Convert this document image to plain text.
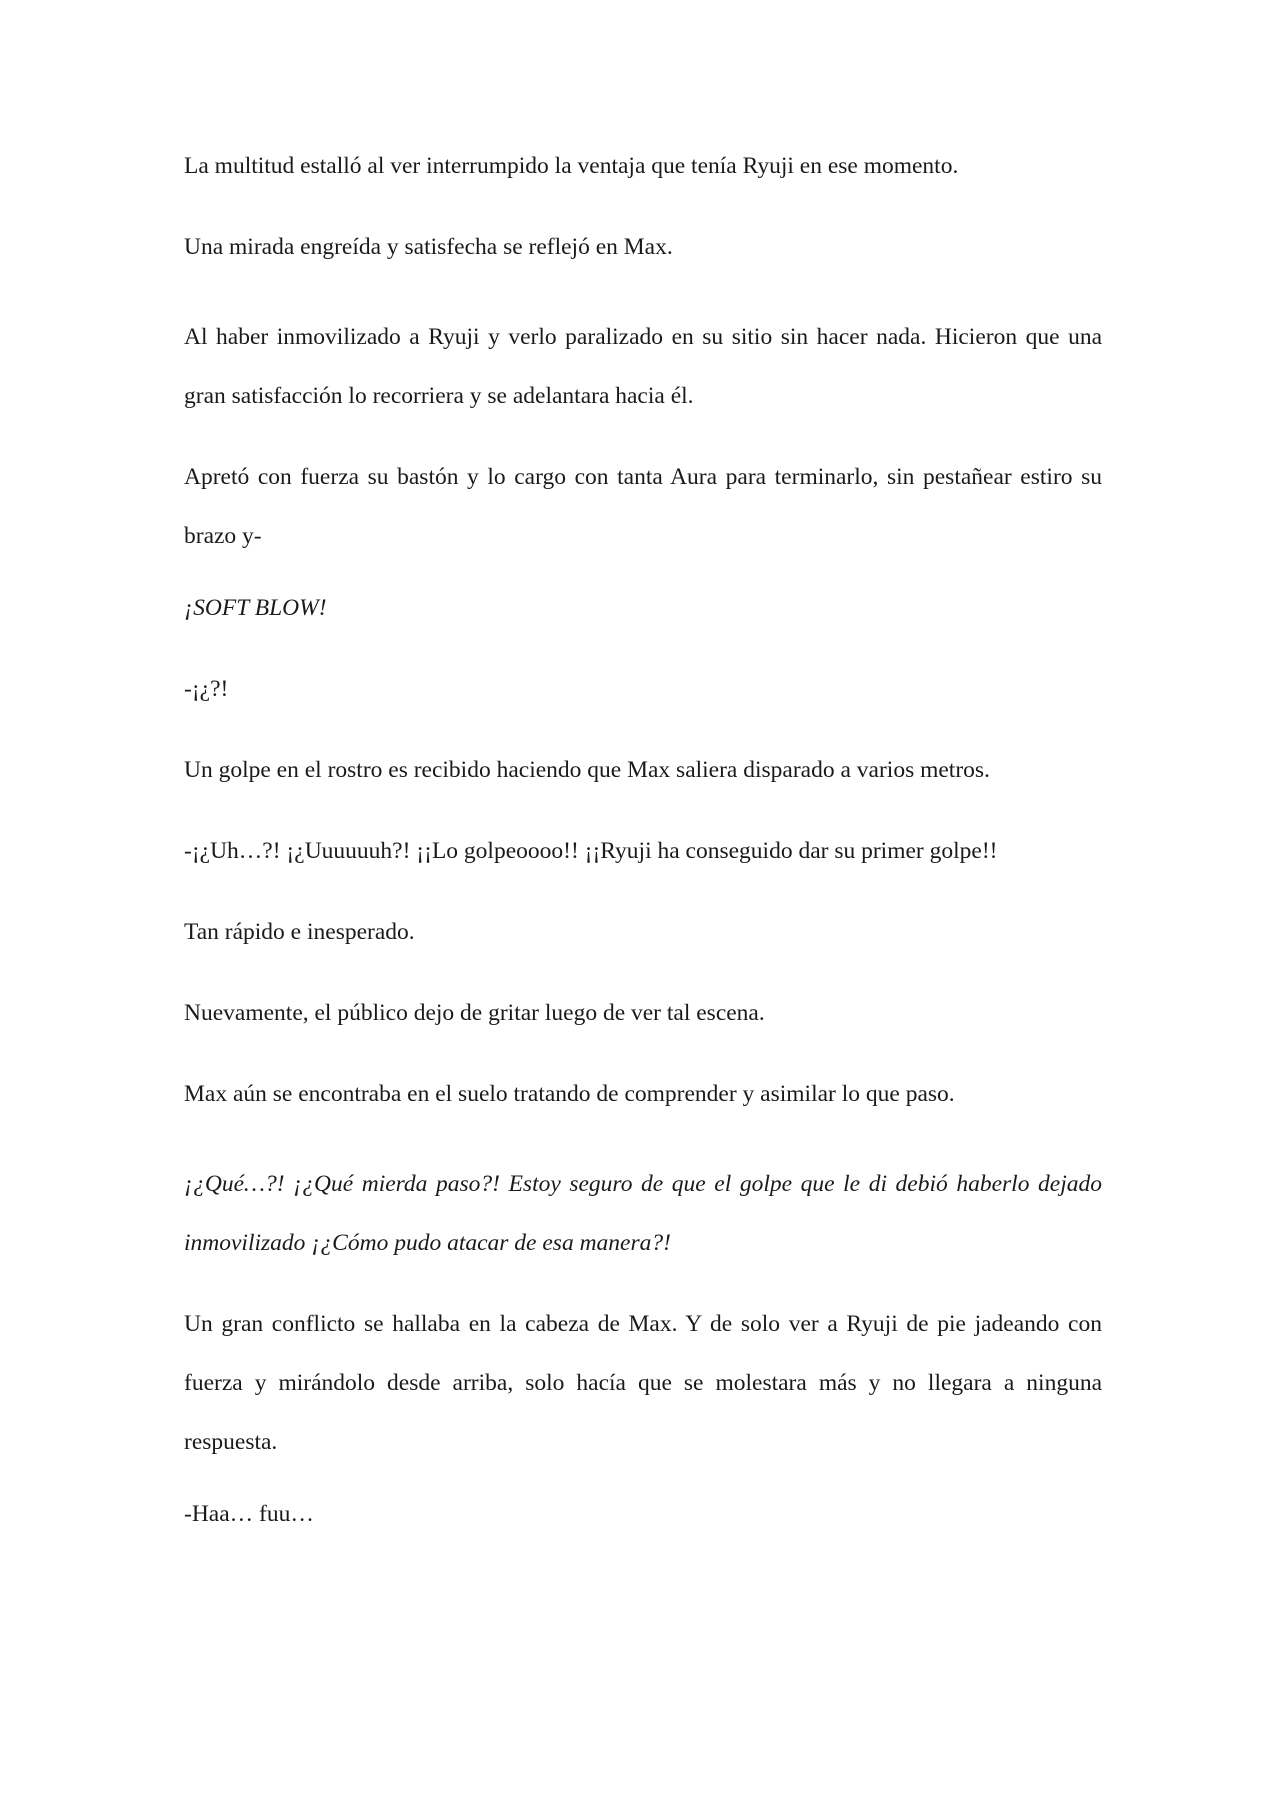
La multitud estalló al ver interrumpido la ventaja que tenía Ryuji en ese momento.

Una mirada engreída y satisfecha se reflejó en Max.

Al haber inmovilizado a Ryuji y verlo paralizado en su sitio sin hacer nada. Hicieron que una gran satisfacción lo recorriera y se adelantara hacia él.

Apretó con fuerza su bastón y lo cargo con tanta Aura para terminarlo, sin pestañear estiro su brazo y-

¡SOFT BLOW!

-¡¿?!

Un golpe en el rostro es recibido haciendo que Max saliera disparado a varios metros.

-¡¿Uh…?! ¡¿Uuuuuuh?! ¡¡Lo golpeoooo!! ¡¡Ryuji ha conseguido dar su primer golpe!!

Tan rápido e inesperado.

Nuevamente, el público dejo de gritar luego de ver tal escena.

Max aún se encontraba en el suelo tratando de comprender y asimilar lo que paso.

¡¿Qué…?! ¡¿Qué mierda paso?! Estoy seguro de que el golpe que le di debió haberlo dejado inmovilizado ¡¿Cómo pudo atacar de esa manera?!

Un gran conflicto se hallaba en la cabeza de Max. Y de solo ver a Ryuji de pie jadeando con fuerza y mirándolo desde arriba, solo hacía que se molestara más y no llegara a ninguna respuesta.

-Haa… fuu…
